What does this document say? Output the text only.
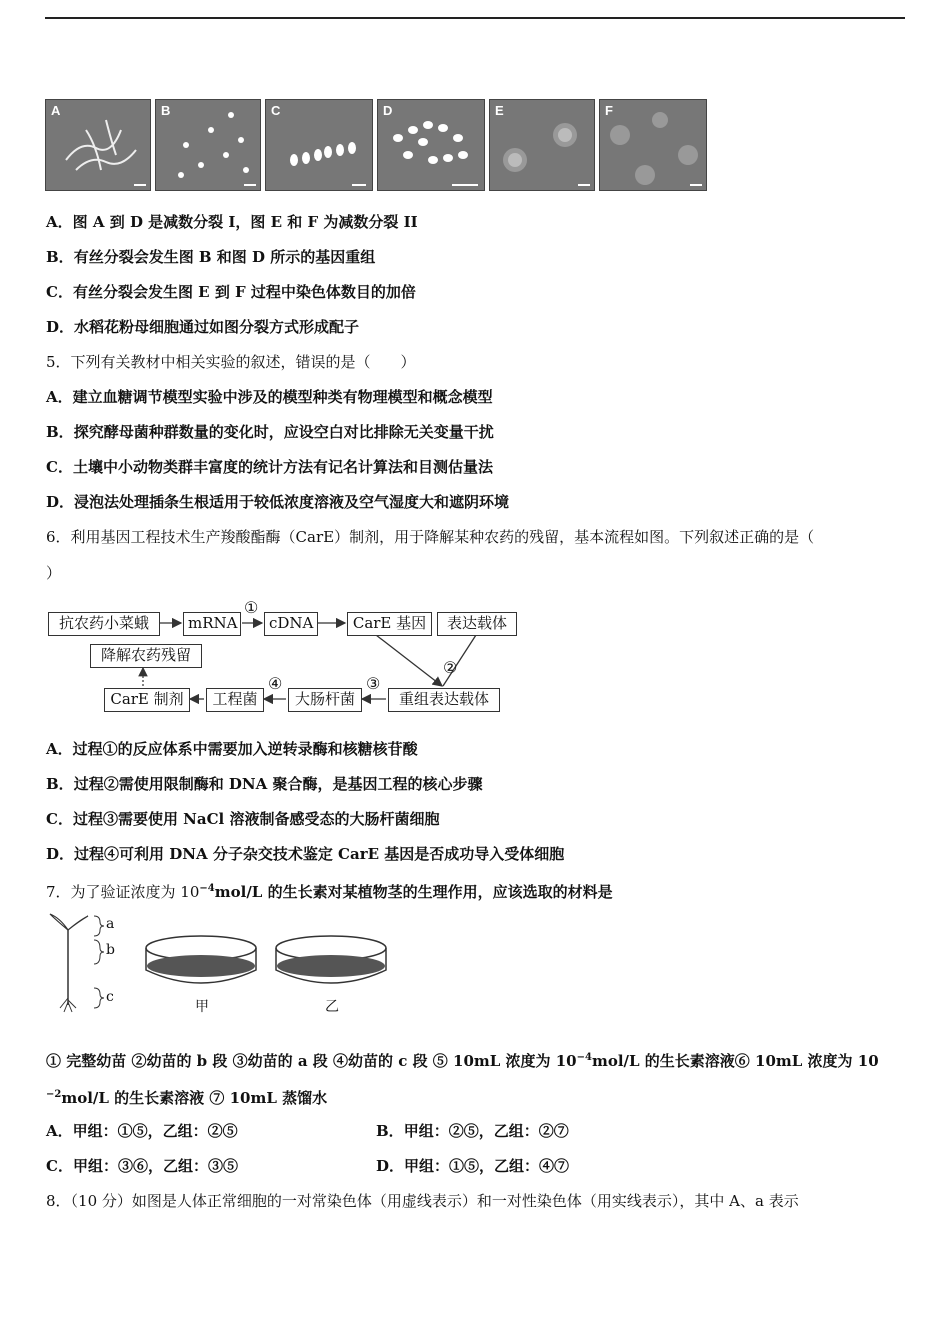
A	B	C	D	E	F
A．图 A 到 D 是减数分裂 I，图 E 和 F 为减数分裂 II
B．有丝分裂会发生图 B 和图 D 所示的基因重组
C．有丝分裂会发生图 E 到 F 过程中染色体数目的加倍
D．水稻花粉母细胞通过如图分裂方式形成配子
5．下列有关教材中相关实验的叙述，错误的是（　　）
A．建立血糖调节模型实验中涉及的模型种类有物理模型和概念模型
B．探究酵母菌种群数量的变化时，应设空白对比排除无关变量干扰
C．土壤中小动物类群丰富度的统计方法有记名计算法和目测估量法
D．浸泡法处理插条生根适用于较低浓度溶液及空气湿度大和遮阴环境
6．利用基因工程技术生产羧酸酯酶（CarE）制剂，用于降解某种农药的残留，基本流程如图。下列叙述正确的是（
）
抗农药小菜蛾	mRNA	cDNA	CarE 基因	表达载体
重组表达载体
大肠杆菌
工程菌
CarE 制剂
降解农药残留
①
②
③
④
A．过程①的反应体系中需要加入逆转录酶和核糖核苷酸
B．过程②需使用限制酶和 DNA 聚合酶，是基因工程的核心步骤
C．过程③需要使用 NaCl 溶液制备感受态的大肠杆菌细胞
D．过程④可利用 DNA 分子杂交技术鉴定 CarE 基因是否成功导入受体细胞
7．为了验证浓度为 $10^{-4}mol/L$ 的生长素对某植物茎的生理作用，应该选取的材料是
a
b
c
甲	乙
① 完整幼苗 ②幼苗的 b 段 ③幼苗的 a 段 ④幼苗的 c 段 ⑤ 10mL 浓度为 $10^{-4}mol/L$ 的生长素溶液⑥ 10mL 浓度为 10
$^{-2}$mol/L 的生长素溶液 ⑦ 10mL 蒸馏水
A．甲组：①⑤，乙组：②⑤	B．甲组：②⑤，乙组：②⑦
C．甲组：③⑥，乙组：③⑤	D．甲组：①⑤，乙组：④⑦
8．（10 分）如图是人体正常细胞的一对常染色体（用虚线表示）和一对性染色体（用实线表示），其中 A、a 表示
